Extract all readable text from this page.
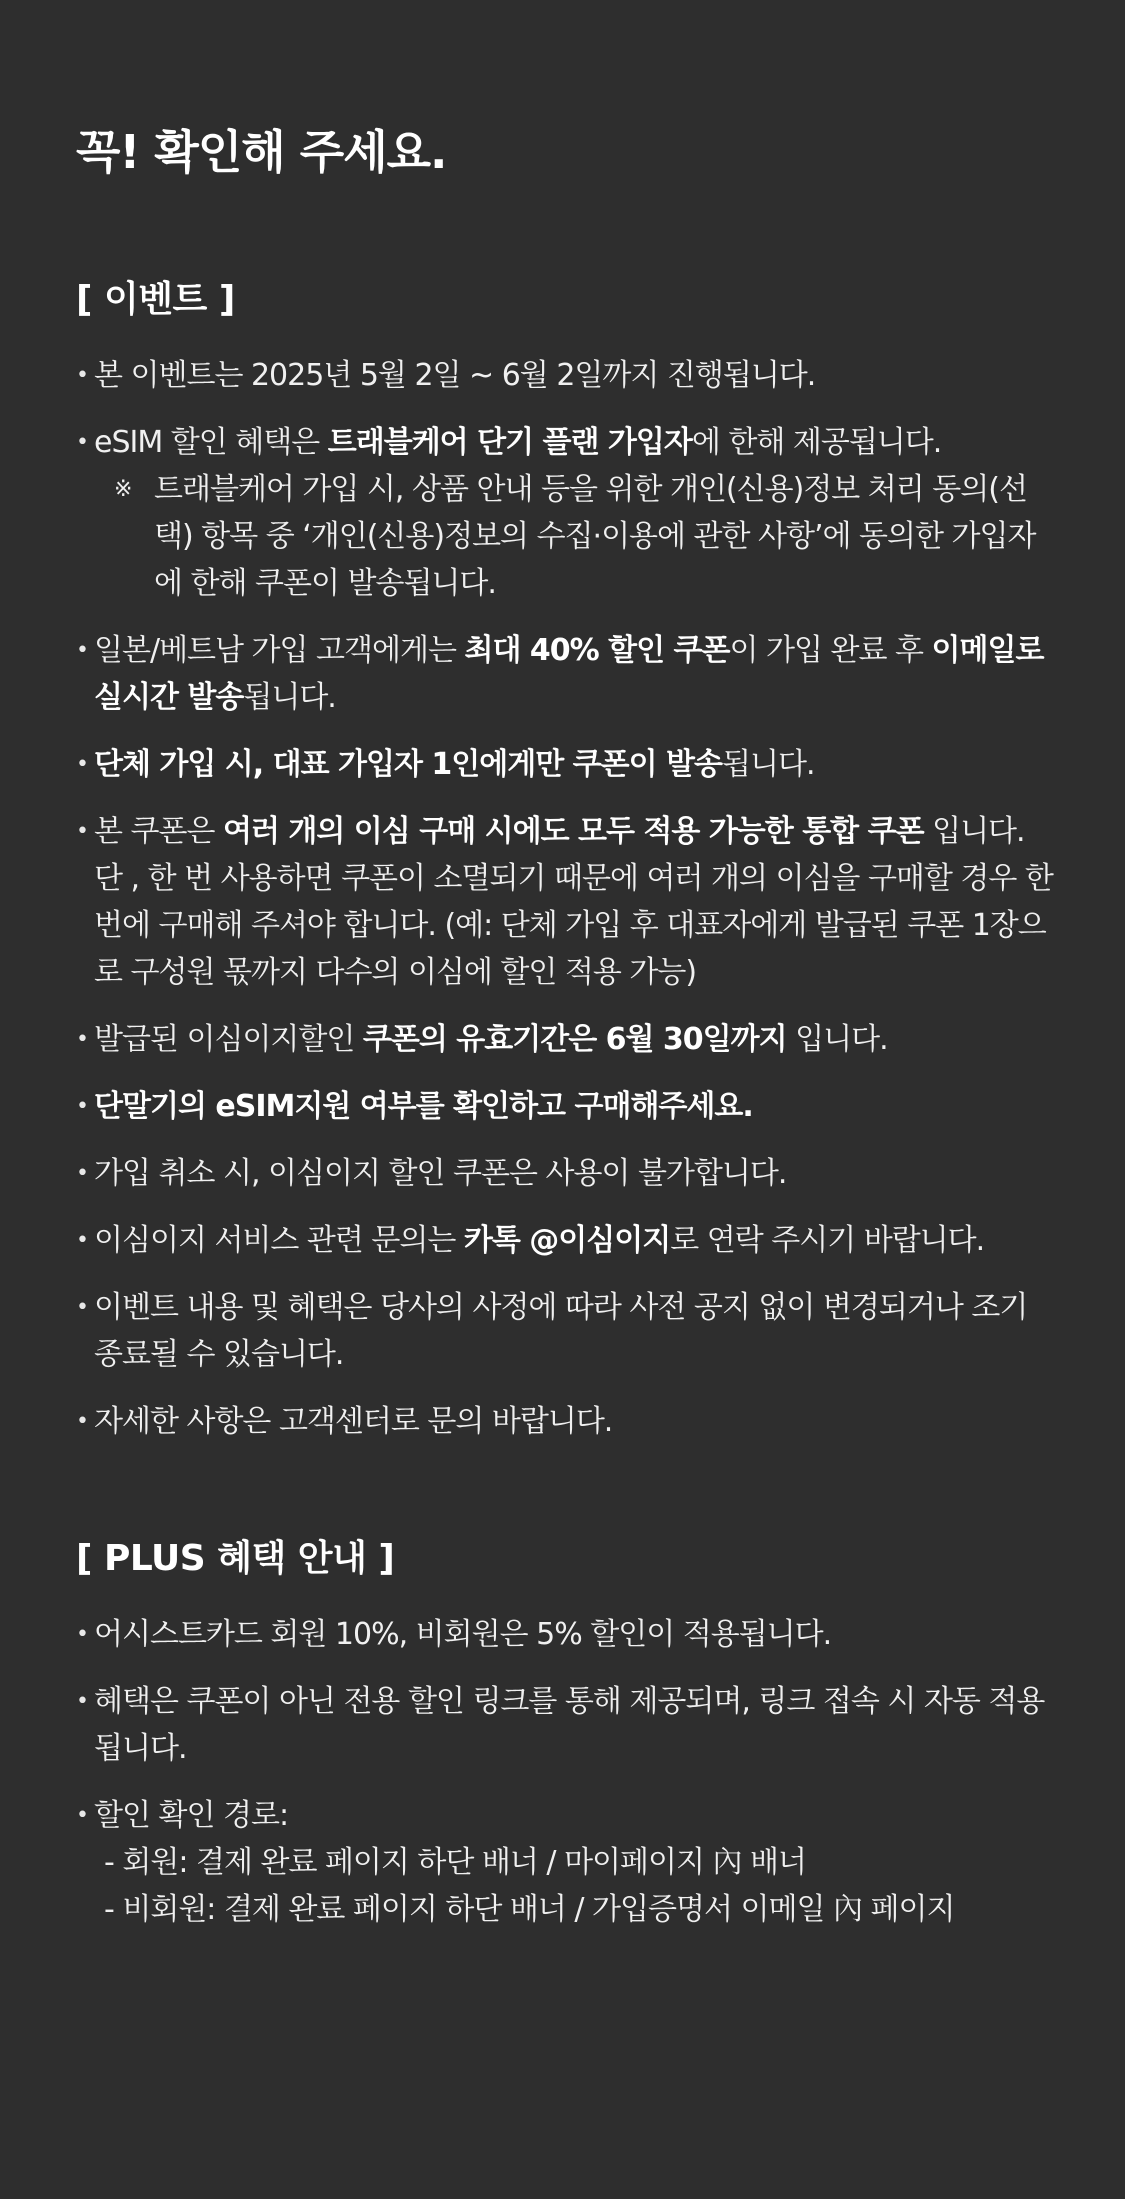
꼭! 확인해 주세요.
[ 이벤트 ]
• 본 이벤트는 2025년 5월 2일 ~ 6월 2일까지 진행됩니다.
• eSIM 할인 혜택은 트래블케어 단기 플랜 가입자에 한해 제공됩니다.
※ 트래블케어 가입 시, 상품 안내 등을 위한 개인(신용)정보 처리 동의(선택) 항목 중 ‘개인(신용)정보의 수집·이용에 관한 사항’에 동의한 가입자에 한해 쿠폰이 발송됩니다.
• 일본/베트남 가입 고객에게는 최대 40% 할인 쿠폰이 가입 완료 후 이메일로 실시간 발송됩니다.
• 단체 가입 시, 대표 가입자 1인에게만 쿠폰이 발송됩니다.
• 본 쿠폰은 여러 개의 이심 구매 시에도 모두 적용 가능한 통합 쿠폰 입니다. 단 , 한 번 사용하면 쿠폰이 소멸되기 때문에 여러 개의 이심을 구매할 경우 한 번에 구매해 주셔야 합니다. (예: 단체 가입 후 대표자에게 발급된 쿠폰 1장으로 구성원 몫까지 다수의 이심에 할인 적용 가능)
• 발급된 이심이지할인 쿠폰의 유효기간은 6월 30일까지 입니다.
• 단말기의 eSIM지원 여부를 확인하고 구매해주세요.
• 가입 취소 시, 이심이지 할인 쿠폰은 사용이 불가합니다.
• 이심이지 서비스 관련 문의는 카톡 @이심이지로 연락 주시기 바랍니다.
• 이벤트 내용 및 혜택은 당사의 사정에 따라 사전 공지 없이 변경되거나 조기 종료될 수 있습니다.
• 자세한 사항은 고객센터로 문의 바랍니다.
[ PLUS 혜택 안내 ]
• 어시스트카드 회원 10%, 비회원은 5% 할인이 적용됩니다.
• 혜택은 쿠폰이 아닌 전용 할인 링크를 통해 제공되며, 링크 접속 시 자동 적용됩니다.
• 할인 확인 경로:
- 회원: 결제 완료 페이지 하단 배너 / 마이페이지 內 배너
- 비회원: 결제 완료 페이지 하단 배너 / 가입증명서 이메일 內 페이지
